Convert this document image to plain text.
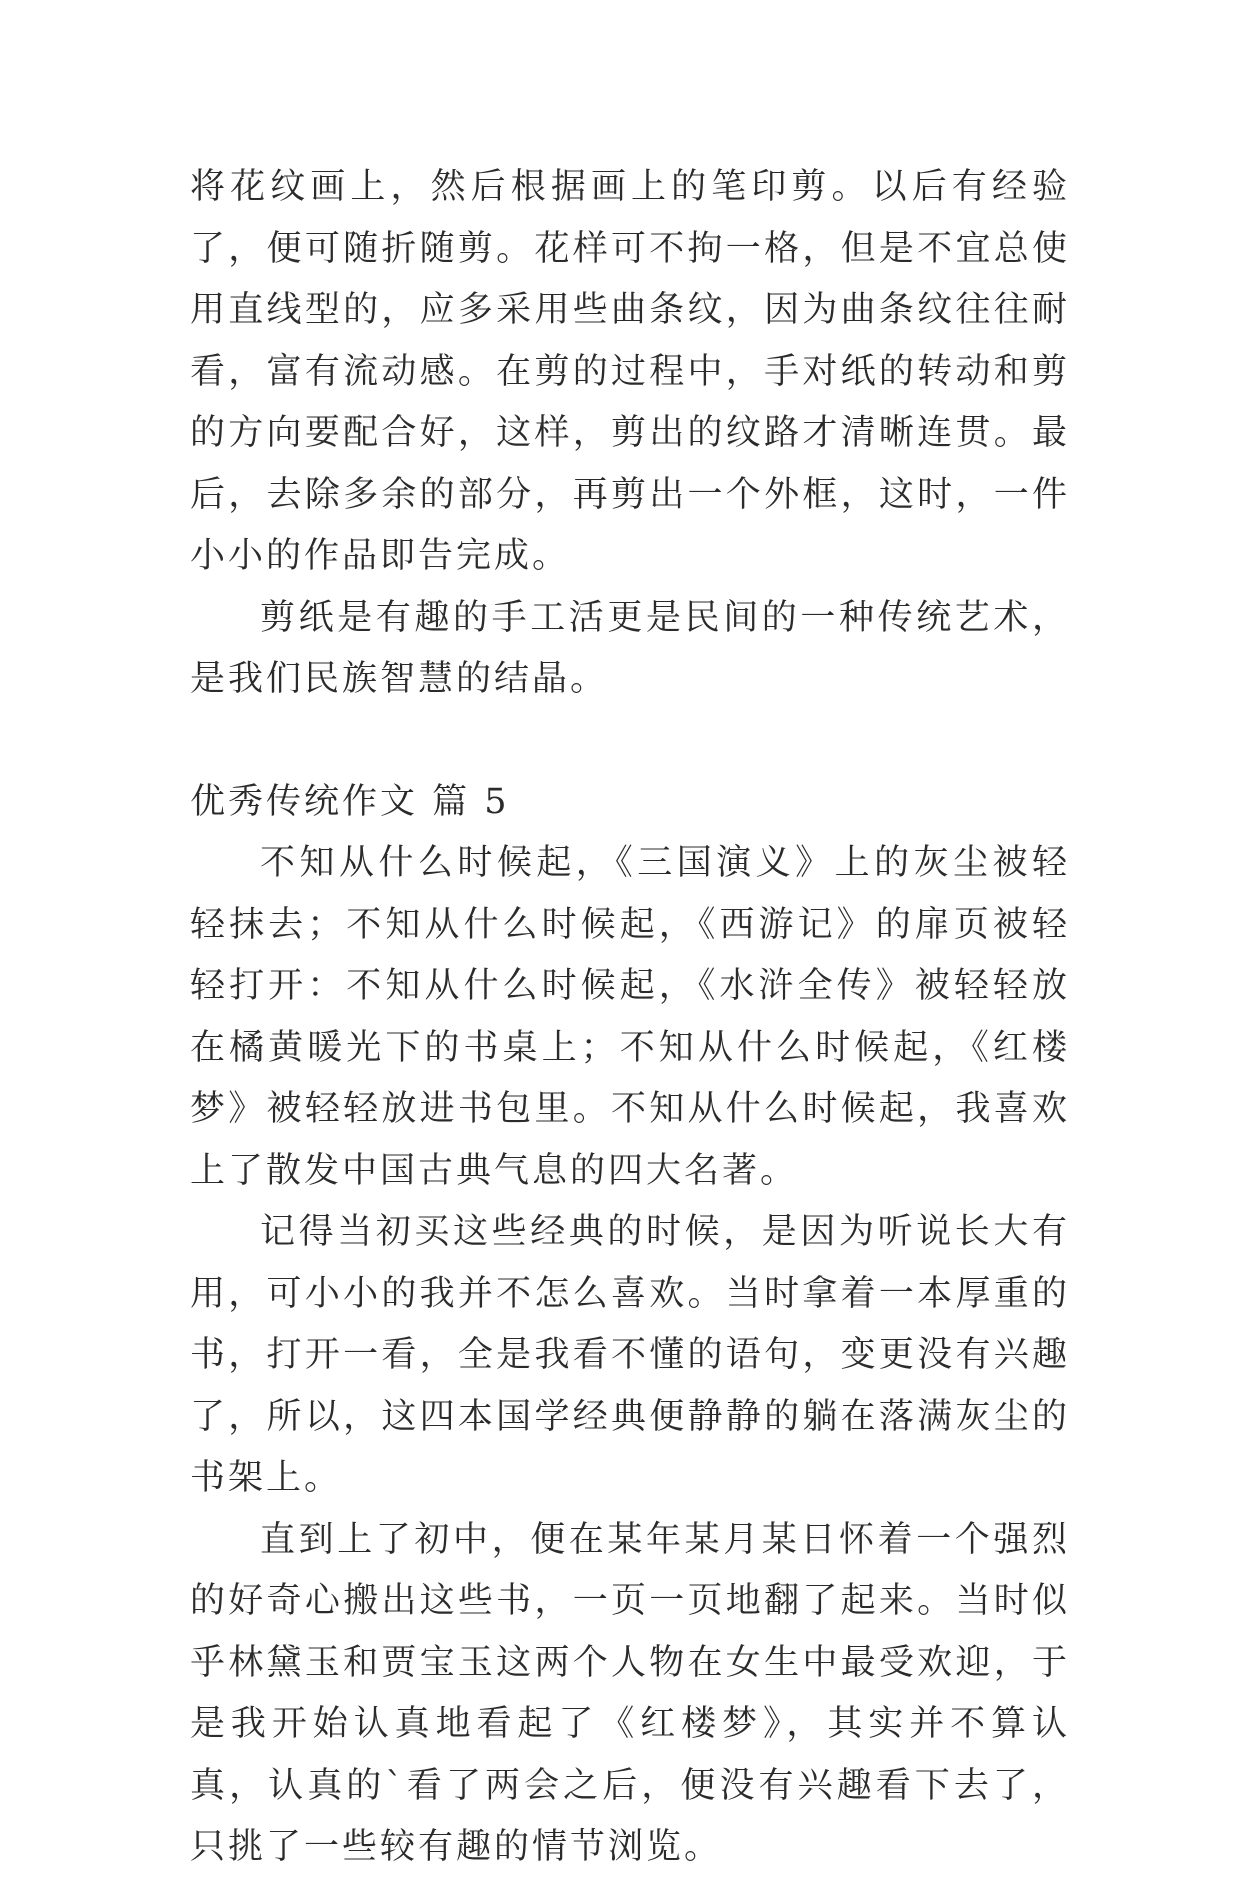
将花纹画上，然后根据画上的笔印剪。以后有经验了，便可随折随剪。花样可不拘一格，但是不宜总使用直线型的，应多采用些曲条纹，因为曲条纹往往耐看，富有流动感。在剪的过程中，手对纸的转动和剪的方向要配合好，这样，剪出的纹路才清晰连贯。最后，去除多余的部分，再剪出一个外框，这时，一件小小的作品即告完成。

剪纸是有趣的手工活更是民间的一种传统艺术，是我们民族智慧的结晶。

优秀传统作文 篇 5

不知从什么时候起，《三国演义》上的灰尘被轻轻抹去；不知从什么时候起，《西游记》的扉页被轻轻打开：不知从什么时候起，《水浒全传》被轻轻放在橘黄暖光下的书桌上；不知从什么时候起，《红楼梦》被轻轻放进书包里。不知从什么时候起，我喜欢上了散发中国古典气息的四大名著。

记得当初买这些经典的时候，是因为听说长大有用，可小小的我并不怎么喜欢。当时拿着一本厚重的书，打开一看，全是我看不懂的语句，变更没有兴趣了，所以，这四本国学经典便静静的躺在落满灰尘的书架上。

直到上了初中，便在某年某月某日怀着一个强烈的好奇心搬出这些书，一页一页地翻了起来。当时似乎林黛玉和贾宝玉这两个人物在女生中最受欢迎，于是我开始认真地看起了《红楼梦》，其实并不算认真，认真的`看了两会之后，便没有兴趣看下去了，只挑了一些较有趣的情节浏览。
